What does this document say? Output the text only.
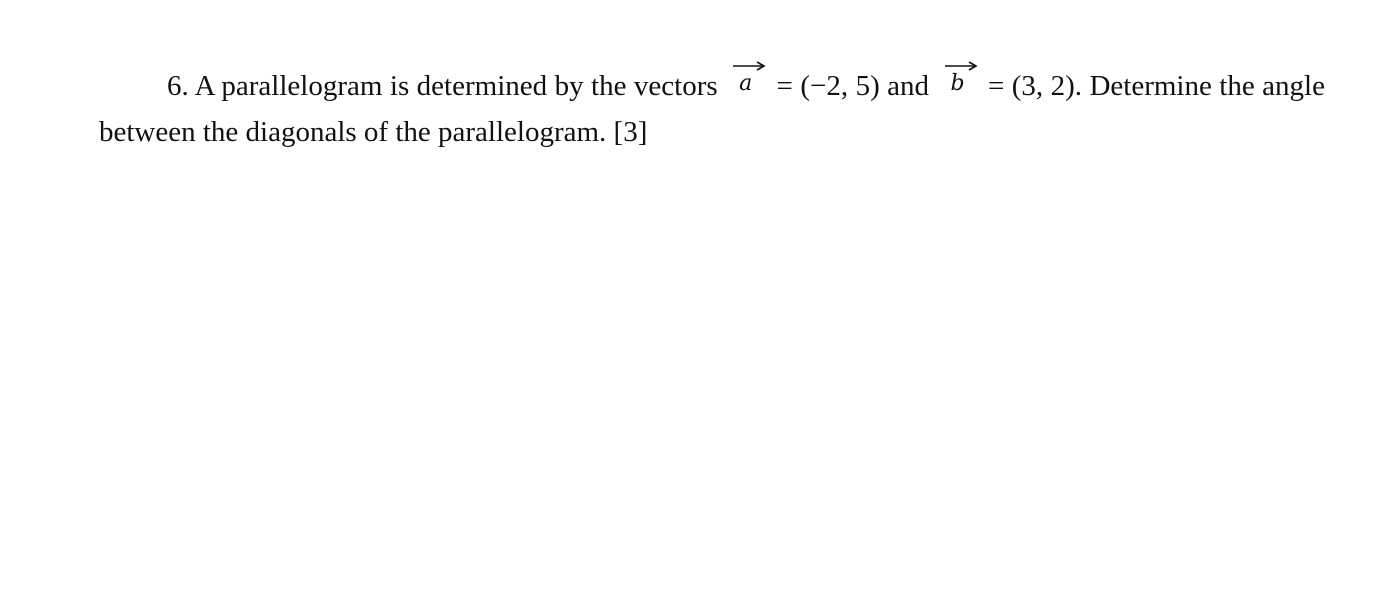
6. A parallelogram is determined by the vectors a = (−2, 5) and b = (3, 2). Determine the angle between the diagonals of the parallelogram. [3]
